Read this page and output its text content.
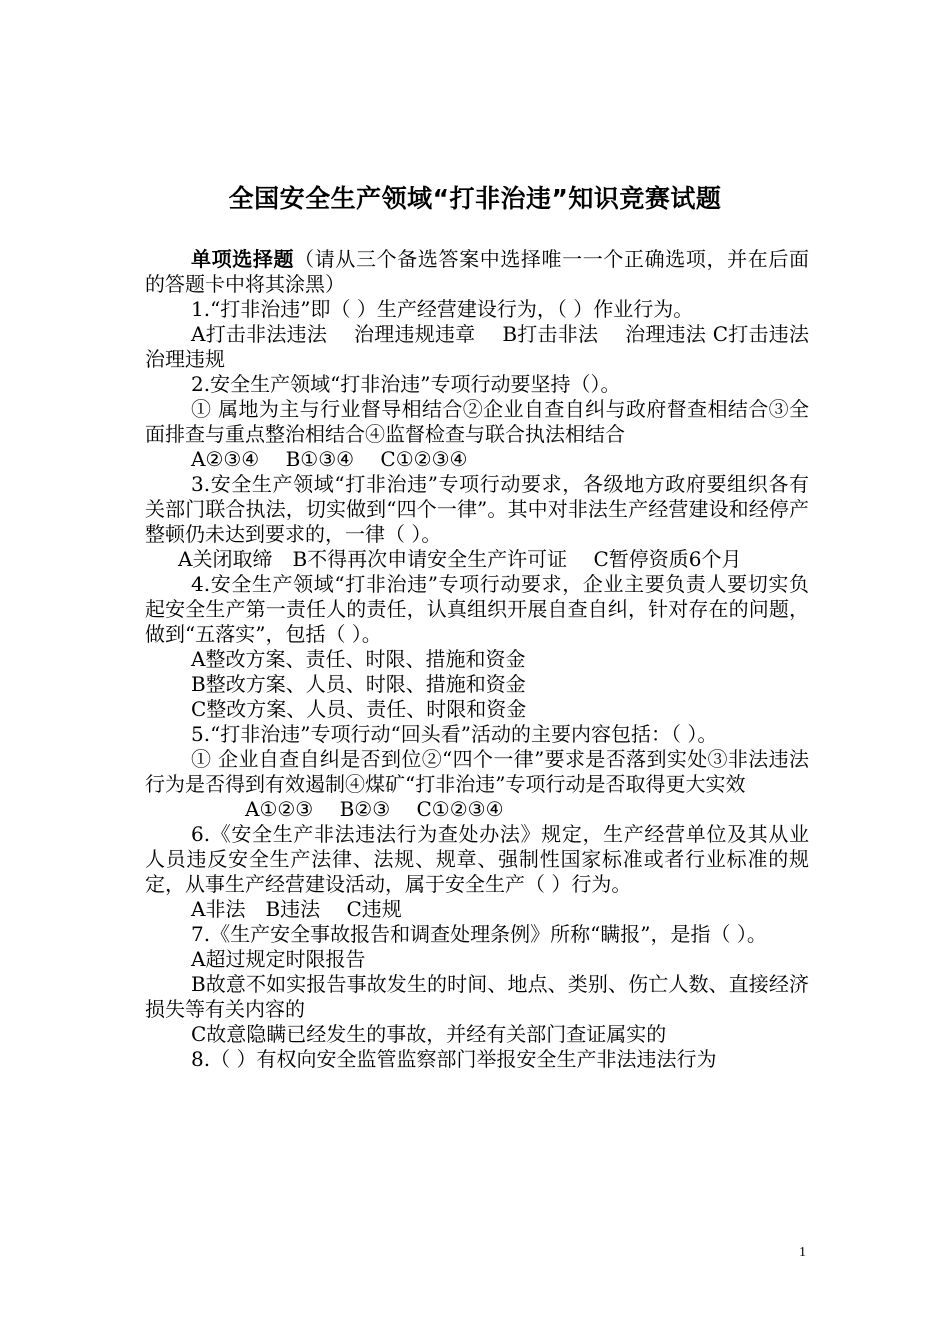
全国安全生产领域“打非治违”知识竞赛试题

单项选择题（请从三个备选答案中选择唯一一个正确选项，并在后面的答题卡中将其涂黑）

1.“打非治违”即（ ）生产经营建设行为，（ ）作业行为。

A打击非法违法　 治理违规违章　 B打击非法　 治理违法 C打击违法　 治理违规

2.安全生产领域“打非治违”专项行动要坚持（）。

① 属地为主与行业督导相结合②企业自查自纠与政府督查相结合③全面排查与重点整治相结合④监督检查与联合执法相结合

A②③④　 B①③④　 C①②③④

3.安全生产领域“打非治违”专项行动要求，各级地方政府要组织各有关部门联合执法，切实做到“四个一律”。其中对非法生产经营建设和经停产整顿仍未达到要求的，一律（ ）。

A关闭取缔　B不得再次申请安全生产许可证　 C暂停资质6个月

4.安全生产领域“打非治违”专项行动要求，企业主要负责人要切实负起安全生产第一责任人的责任，认真组织开展自查自纠，针对存在的问题，做到“五落实”，包括（ ）。

A整改方案、责任、时限、措施和资金

B整改方案、人员、时限、措施和资金

C整改方案、人员、责任、时限和资金

5.“打非治违”专项行动“回头看”活动的主要内容包括：（ ）。

① 企业自查自纠是否到位②“四个一律”要求是否落到实处③非法违法行为是否得到有效遏制④煤矿“打非治违”专项行动是否取得更大实效

A①②③　 B②③　 C①②③④

6.《安全生产非法违法行为查处办法》规定，生产经营单位及其从业人员违反安全生产法律、法规、规章、强制性国家标准或者行业标准的规定，从事生产经营建设活动，属于安全生产（ ）行为。

A非法　B违法　 C违规

7.《生产安全事故报告和调查处理条例》所称“瞒报”，是指（ ）。

A超过规定时限报告

B故意不如实报告事故发生的时间、地点、类别、伤亡人数、直接经济损失等有关内容的

C故意隐瞒已经发生的事故，并经有关部门查证属实的

8.（ ）有权向安全监管监察部门举报安全生产非法违法行为

1
